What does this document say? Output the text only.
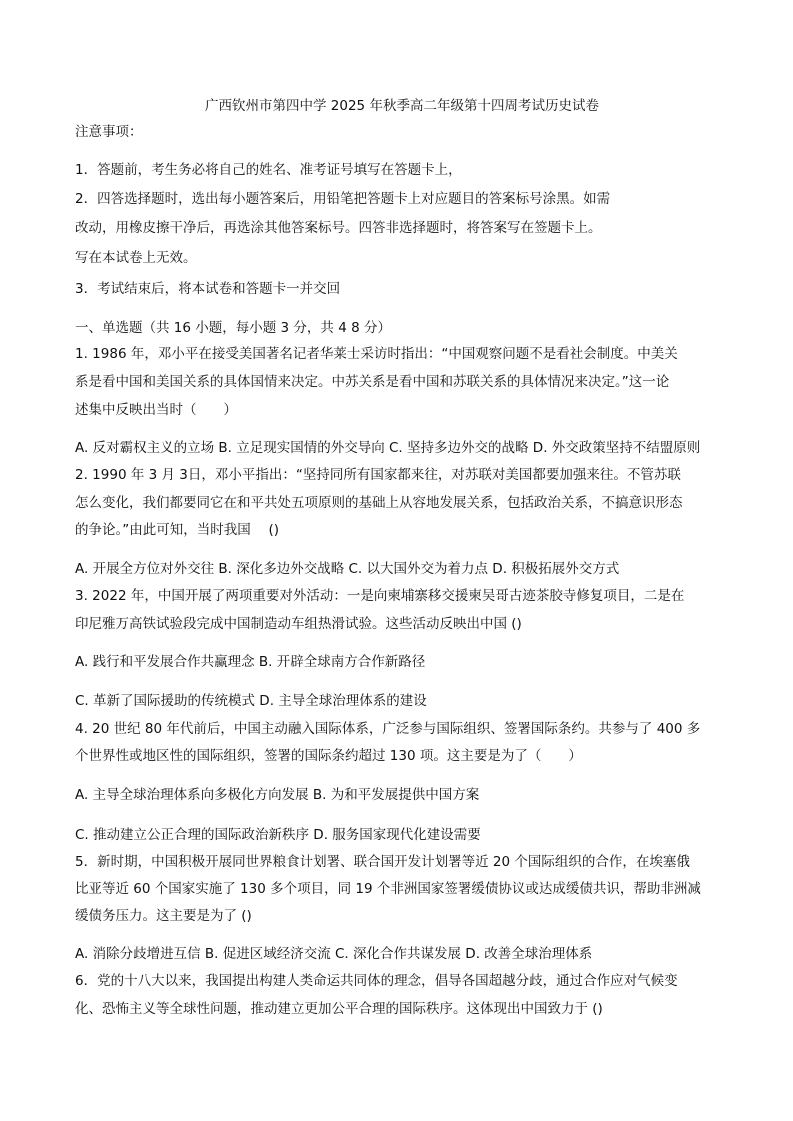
广西钦州市第四中学 2025 年秋季高二年级第十四周考试历史试卷
注意事项：
1．答题前，考生务必将自己的姓名、准考证号填写在答题卡上，
2．四答选择题时，选出每小题答案后，用铅笔把答题卡上对应题目的答案标号涂黑。如需
改动，用橡皮擦干净后，再选涂其他答案标号。四答非选择题时，将答案写在签题卡上。
写在本试卷上无效。
3．考试结束后，将本试卷和答题卡一并交回
一、单选题（共 16 小题，每小题 3 分，共 4 8 分）
1. 1986 年，邓小平在接受美国著名记者华莱士采访时指出：“中国观察问题不是看社会制度。中美关
系是看中国和美国关系的具体国情来决定。中苏关系是看中国和苏联关系的具体情况来决定。”这一论
述集中反映出当时（　　）
A. 反对霸权主义的立场 B. 立足现实国情的外交导向 C. 坚持多边外交的战略 D. 外交政策坚持不结盟原则
2. 1990 年 3 月 3日，邓小平指出：“坚持同所有国家都来往，对苏联对美国都要加强来往。不管苏联
怎么变化，我们都要同它在和平共处五项原则的基础上从容地发展关系，包括政治关系，不搞意识形态
的争论。”由此可知，当时我国　 ()
A. 开展全方位对外交往 B. 深化多边外交战略 C. 以大国外交为着力点 D. 积极拓展外交方式
3. 2022 年，中国开展了两项重要对外活动：一是向柬埔寨移交援柬吴哥古迹茶胶寺修复项目，二是在
印尼雅万高铁试验段完成中国制造动车组热滑试验。这些活动反映出中国 ()
A. 践行和平发展合作共赢理念 B. 开辟全球南方合作新路径
C. 革新了国际援助的传统模式 D. 主导全球治理体系的建设
4. 20 世纪 80 年代前后，中国主动融入国际体系，广泛参与国际组织、签署国际条约。共参与了 400 多
个世界性或地区性的国际组织，签署的国际条约超过 130 项。这主要是为了（　　）
A. 主导全球治理体系向多极化方向发展 B. 为和平发展提供中国方案
C. 推动建立公正合理的国际政治新秩序 D. 服务国家现代化建设需要
5．新时期，中国积极开展同世界粮食计划署、联合国开发计划署等近 20 个国际组织的合作，在埃塞俄
比亚等近 60 个国家实施了 130 多个项目，同 19 个非洲国家签署缓债协议或达成缓债共识，帮助非洲减
缓债务压力。这主要是为了 ()
A. 消除分歧增进互信 B. 促进区域经济交流 C. 深化合作共谋发展 D. 改善全球治理体系
6．党的十八大以来，我国提出构建人类命运共同体的理念，倡导各国超越分歧，通过合作应对气候变
化、恐怖主义等全球性问题，推动建立更加公平合理的国际秩序。这体现出中国致力于 ()
